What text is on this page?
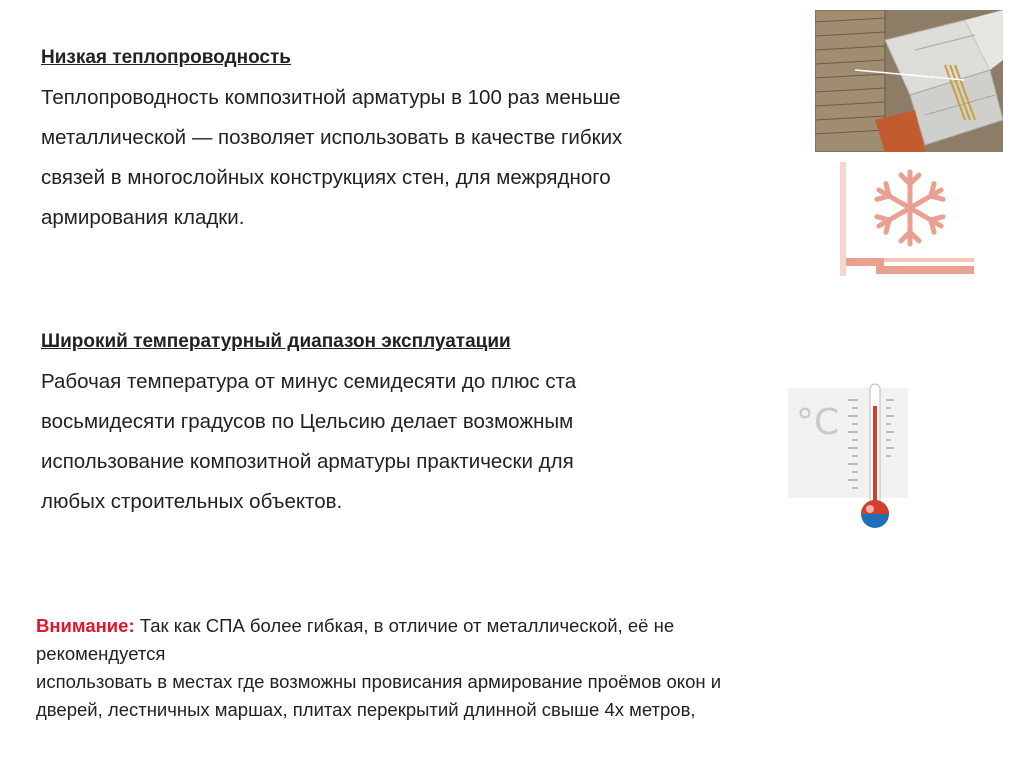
Низкая теплопроводность

Теплопроводность композитной арматуры в 100 раз меньше
металлической — позволяет использовать в качестве гибких
связей в многослойных конструкциях стен, для межрядного
армирования кладки.

Широкий температурный диапазон эксплуатации

Рабочая температура от минус семидесяти до плюс ста
восьмидесяти градусов по Цельсию делает возможным
использование композитной арматуры практически для
любых строительных объектов.

Внимание: Так как СПА более гибкая, в отличие от металлической, её не
рекомендуется
использовать в местах где возможны провисания армирование проёмов окон и
дверей, лестничных маршах, плитах перекрытий длинной свыше 4х метров,
°C
